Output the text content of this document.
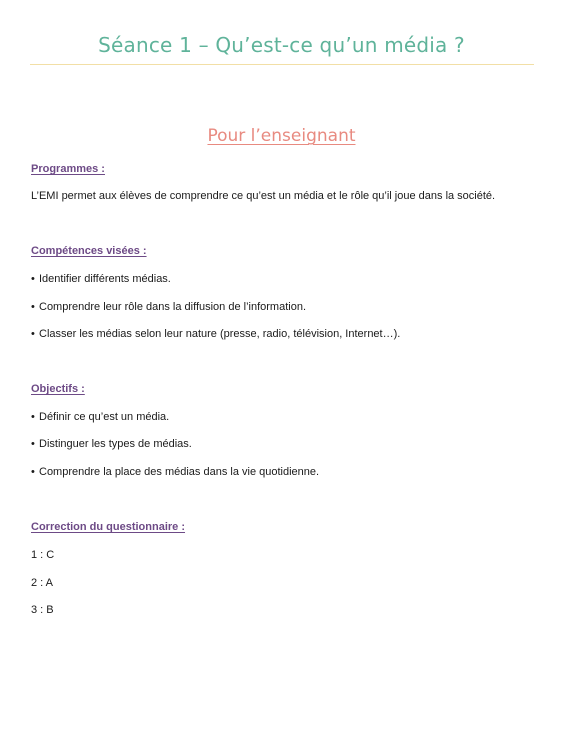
Séance 1 – Qu’est-ce qu’un média ?
Pour l’enseignant
Programmes :
L’EMI permet aux élèves de comprendre ce qu’est un média et le rôle qu’il joue dans la société.
Compétences visées :
• Identifier différents médias.
• Comprendre leur rôle dans la diffusion de l’information.
• Classer les médias selon leur nature (presse, radio, télévision, Internet…).
Objectifs :
• Définir ce qu’est un média.
• Distinguer les types de médias.
• Comprendre la place des médias dans la vie quotidienne.
Correction du questionnaire :
1 : C
2 : A
3 : B
